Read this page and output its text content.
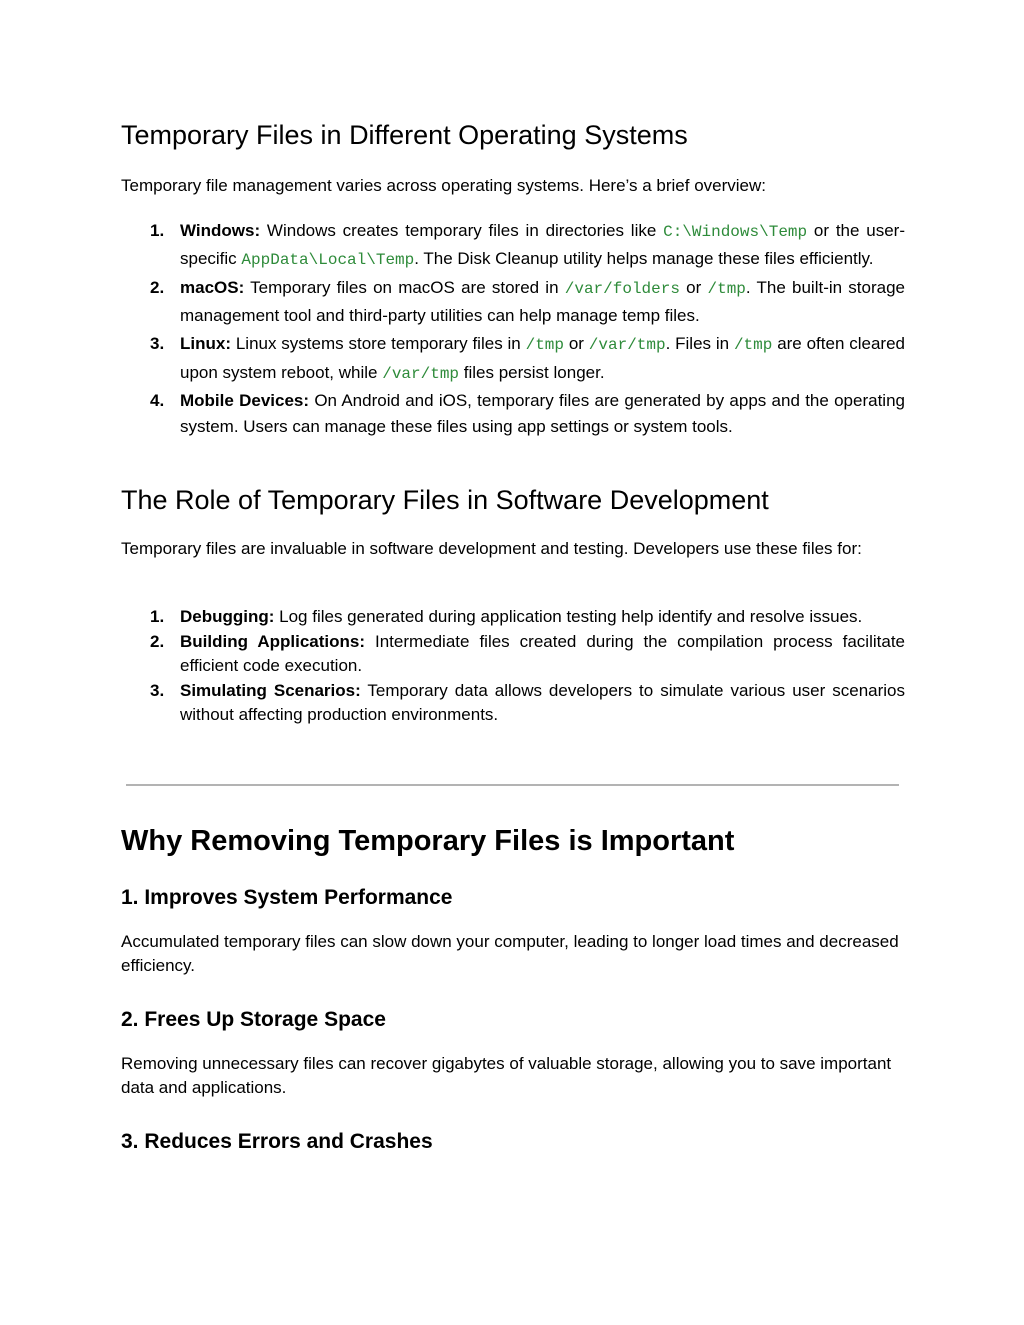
Temporary Files in Different Operating Systems

Temporary file management varies across operating systems. Here’s a brief overview:

1. Windows: Windows creates temporary files in directories like C:\Windows\Temp or the user-specific AppData\Local\Temp. The Disk Cleanup utility helps manage these files efficiently.
2. macOS: Temporary files on macOS are stored in /var/folders or /tmp. The built-in storage management tool and third-party utilities can help manage temp files.
3. Linux: Linux systems store temporary files in /tmp or /var/tmp. Files in /tmp are often cleared upon system reboot, while /var/tmp files persist longer.
4. Mobile Devices: On Android and iOS, temporary files are generated by apps and the operating system. Users can manage these files using app settings or system tools.
The Role of Temporary Files in Software Development

Temporary files are invaluable in software development and testing. Developers use these files for:

1. Debugging: Log files generated during application testing help identify and resolve issues.
2. Building Applications: Intermediate files created during the compilation process facilitate efficient code execution.
3. Simulating Scenarios: Temporary data allows developers to simulate various user scenarios without affecting production environments.
Why Removing Temporary Files is Important
1. Improves System Performance

Accumulated temporary files can slow down your computer, leading to longer load times and decreased efficiency.

2. Frees Up Storage Space

Removing unnecessary files can recover gigabytes of valuable storage, allowing you to save important data and applications.

3. Reduces Errors and Crashes
